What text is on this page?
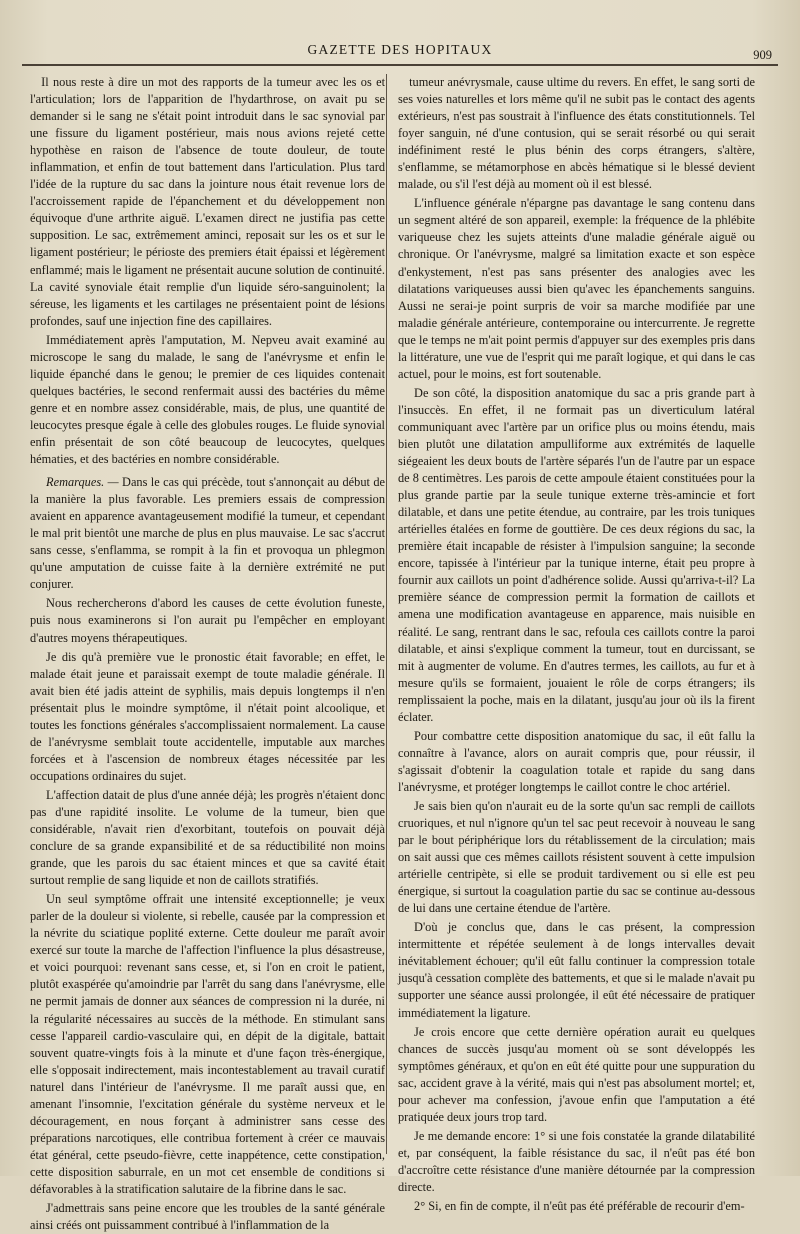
GAZETTE DES HOPITAUX	909

Il nous reste à dire un mot des rapports de la tumeur avec les os et l'articulation; lors de l'apparition de l'hydarthrose, on avait pu se demander si le sang ne s'était point introduit dans le sac synovial par une fissure du ligament postérieur, mais nous avions rejeté cette hypothèse en raison de l'absence de toute douleur, de toute inflammation, et enfin de tout battement dans l'articulation. Plus tard l'idée de la rupture du sac dans la jointure nous était revenue lors de l'accroissement rapide de l'épanchement et du développement non équivoque d'une arthrite aiguë. L'examen direct ne justifia pas cette supposition. Le sac, extrêmement aminci, reposait sur les os et sur le ligament postérieur; le périoste des premiers était épaissi et légèrement enflammé; mais le ligament ne présentait aucune solution de continuité. La cavité synoviale était remplie d'un liquide séro-sanguinolent; la séreuse, les ligaments et les cartilages ne présentaient point de lésions profondes, sauf une injection fine des capillaires.

Immédiatement après l'amputation, M. Nepveu avait examiné au microscope le sang du malade, le sang de l'anévrysme et enfin le liquide épanché dans le genou; le premier de ces liquides contenait quelques bactéries, le second renfermait aussi des bactéries du même genre et en nombre assez considérable, mais, de plus, une quantité de leucocytes presque égale à celle des globules rouges. Le fluide synovial enfin présentait de son côté beaucoup de leucocytes, quelques hématies, et des bactéries en nombre considérable.

Remarques. — Dans le cas qui précède, tout s'annonçait au début de la manière la plus favorable. Les premiers essais de compression avaient en apparence avantageusement modifié la tumeur, et cependant le mal prit bientôt une marche de plus en plus mauvaise. Le sac s'accrut sans cesse, s'enflamma, se rompit à la fin et provoqua un phlegmon qu'une amputation de cuisse faite à la dernière extrémité ne put conjurer.

Nous rechercherons d'abord les causes de cette évolution funeste, puis nous examinerons si l'on aurait pu l'empêcher en employant d'autres moyens thérapeutiques.

Je dis qu'à première vue le pronostic était favorable; en effet, le malade était jeune et paraissait exempt de toute maladie générale. Il avait bien été jadis atteint de syphilis, mais depuis longtemps il n'en présentait plus le moindre symptôme, il n'était point alcoolique, et toutes les fonctions générales s'accomplissaient normalement. La cause de l'anévrysme semblait toute accidentelle, imputable aux marches forcées et à l'ascension de nombreux étages nécessitée par les occupations ordinaires du sujet.

L'affection datait de plus d'une année déjà; les progrès n'étaient donc pas d'une rapidité insolite. Le volume de la tumeur, bien que considérable, n'avait rien d'exorbitant, toutefois on pouvait déjà conclure de sa grande expansibilité et de sa réductibilité non moins grande, que les parois du sac étaient minces et que sa cavité était surtout remplie de sang liquide et non de caillots stratifiés.

Un seul symptôme offrait une intensité exceptionnelle; je veux parler de la douleur si violente, si rebelle, causée par la compression et la névrite du sciatique poplité externe. Cette douleur me paraît avoir exercé sur toute la marche de l'affection l'influence la plus désastreuse, et voici pourquoi: revenant sans cesse, et, si l'on en croit le patient, plutôt exaspérée qu'amoindrie par l'arrêt du sang dans l'anévrysme, elle ne permit jamais de donner aux séances de compression ni la durée, ni la régularité nécessaires au succès de la méthode. En stimulant sans cesse l'appareil cardio-vasculaire qui, en dépit de la digitale, battait souvent quatre-vingts fois à la minute et d'une façon très-énergique, elle s'opposait indirectement, mais incontestablement au travail curatif naturel dans l'intérieur de l'anévrysme. Il me paraît aussi que, en amenant l'insomnie, l'excitation générale du système nerveux et le découragement, en nous forçant à administrer sans cesse des préparations narcotiques, elle contribua fortement à créer ce mauvais état général, cette pseudo-fièvre, cette inappétence, cette constipation, cette disposition saburrale, en un mot cet ensemble de conditions si défavorables à la stratification salutaire de la fibrine dans le sac.

J'admettrais sans peine encore que les troubles de la santé générale ainsi créés ont puissamment contribué à l'inflammation de la

tumeur anévrysmale, cause ultime du revers. En effet, le sang sorti de ses voies naturelles et lors même qu'il ne subit pas le contact des agents extérieurs, n'est pas soustrait à l'influence des états constitutionnels. Tel foyer sanguin, né d'une contusion, qui se serait résorbé ou qui serait indéfiniment resté le plus bénin des corps étrangers, s'altère, s'enflamme, se métamorphose en abcès hématique si le blessé devient malade, ou s'il l'est déjà au moment où il est blessé.

L'influence générale n'épargne pas davantage le sang contenu dans un segment altéré de son appareil, exemple: la fréquence de la phlébite variqueuse chez les sujets atteints d'une maladie générale aiguë ou chronique. Or l'anévrysme, malgré sa limitation exacte et son espèce d'enkystement, n'est pas sans présenter des analogies avec les dilatations variqueuses aussi bien qu'avec les épanchements sanguins. Aussi ne serai-je point surpris de voir sa marche modifiée par une maladie générale antérieure, contemporaine ou intercurrente. Je regrette que le temps ne m'ait point permis d'appuyer sur des exemples pris dans la littérature, une vue de l'esprit qui me paraît logique, et qui dans le cas actuel, pour le moins, est fort soutenable.

De son côté, la disposition anatomique du sac a pris grande part à l'insuccès. En effet, il ne formait pas un diverticulum latéral communiquant avec l'artère par un orifice plus ou moins étendu, mais bien plutôt une dilatation ampulliforme aux extrémités de laquelle siégeaient les deux bouts de l'artère séparés l'un de l'autre par un espace de 8 centimètres. Les parois de cette ampoule étaient constituées pour la plus grande partie par la seule tunique externe très-amincie et fort dilatable, et dans une petite étendue, au contraire, par les trois tuniques artérielles étalées en forme de gouttière. De ces deux régions du sac, la première était incapable de résister à l'impulsion sanguine; la seconde encore, tapissée à l'intérieur par la tunique interne, était peu propre à fournir aux caillots un point d'adhérence solide. Aussi qu'arriva-t-il? La première séance de compression permit la formation de caillots et amena une modification avantageuse en apparence, mais nuisible en réalité. Le sang, rentrant dans le sac, refoula ces caillots contre la paroi dilatable, et ainsi s'explique comment la tumeur, tout en durcissant, se mit à augmenter de volume. En d'autres termes, les caillots, au fur et à mesure qu'ils se formaient, jouaient le rôle de corps étrangers; ils remplissaient la poche, mais en la dilatant, jusqu'au jour où ils la firent éclater.

Pour combattre cette disposition anatomique du sac, il eût fallu la connaître à l'avance, alors on aurait compris que, pour réussir, il s'agissait d'obtenir la coagulation totale et rapide du sang dans l'anévrysme, et protéger longtemps le caillot contre le choc artériel.

Je sais bien qu'on n'aurait eu de la sorte qu'un sac rempli de caillots cruoriques, et nul n'ignore qu'un tel sac peut recevoir à nouveau le sang par le bout périphérique lors du rétablissement de la circulation; mais on sait aussi que ces mêmes caillots résistent souvent à cette impulsion artérielle centripète, si elle se produit tardivement ou si elle est peu énergique, si surtout la coagulation partie du sac se continue au-dessous de lui dans une certaine étendue de l'artère.

D'où je conclus que, dans le cas présent, la compression intermittente et répétée seulement à de longs intervalles devait inévitablement échouer; qu'il eût fallu continuer la compression totale jusqu'à cessation complète des battements, et que si le malade n'avait pu supporter une séance aussi prolongée, il eût été nécessaire de pratiquer immédiatement la ligature.

Je crois encore que cette dernière opération aurait eu quelques chances de succès jusqu'au moment où se sont développés les symptômes généraux, et qu'on en eût été quitte pour une suppuration du sac, accident grave à la vérité, mais qui n'est pas absolument mortel; et, pour achever ma confession, j'avoue enfin que l'amputation a été pratiquée deux jours trop tard.

Je me demande encore: 1° si une fois constatée la grande dilatabilité et, par conséquent, la faible résistance du sac, il n'eût pas été bon d'accroître cette résistance d'une manière détournée par la compression directe.

2° Si, en fin de compte, il n'eût pas été préférable de recourir d'em-
